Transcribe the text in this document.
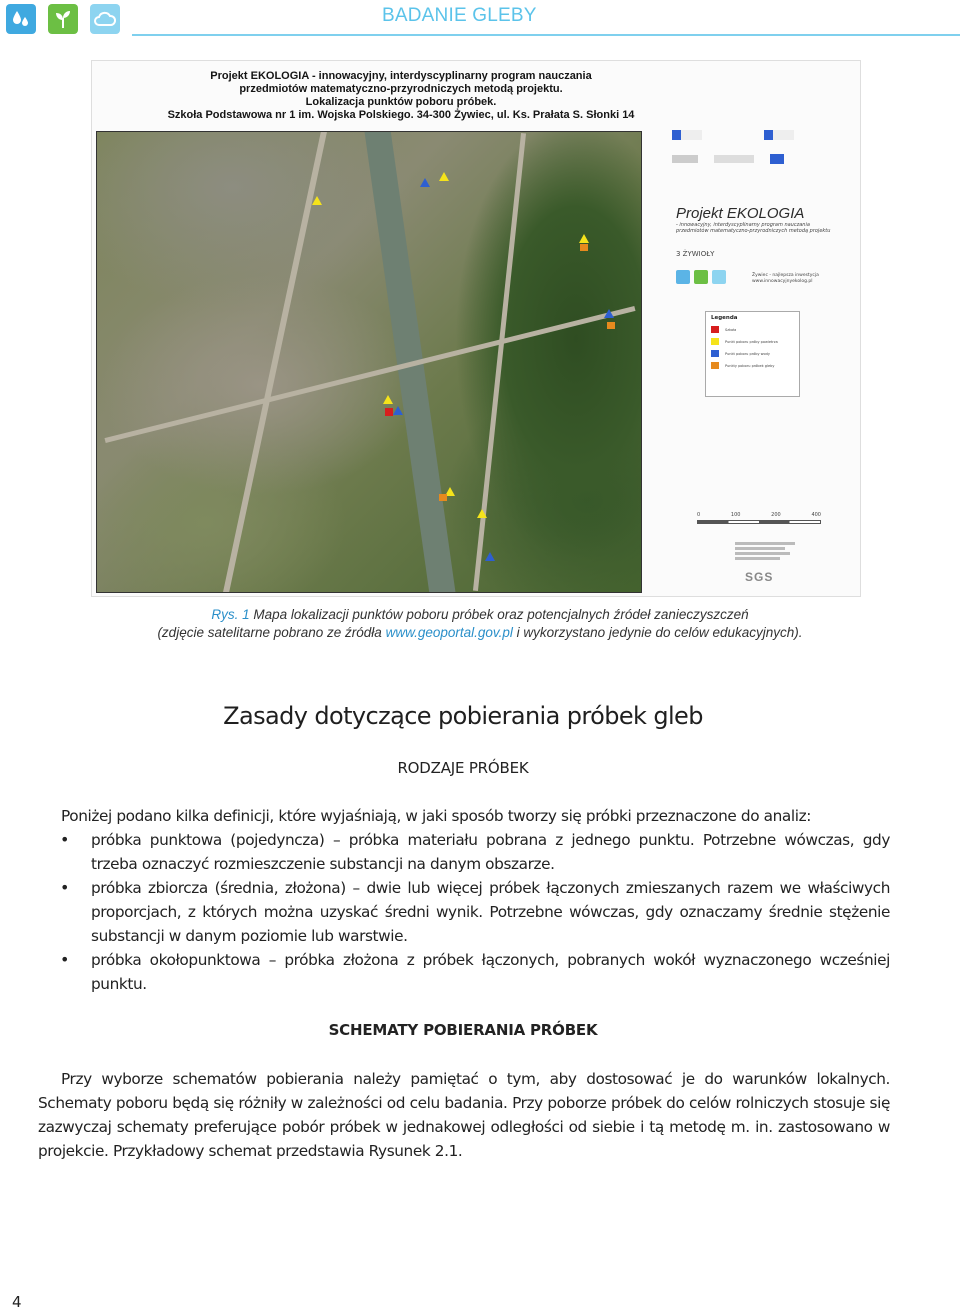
BADANIE GLEBY
Projekt EKOLOGIA - innowacyjny, interdyscyplinarny program nauczania
przedmiotów matematyczno-przyrodniczych metodą projektu.
Lokalizacja punktów poboru próbek.
Szkoła Podstawowa nr 1 im. Wojska Polskiego. 34-300 Żywiec, ul. Ks. Prałata S. Słonki 14
Projekt EKOLOGIA
- innowacyjny, interdyscyplinarny program nauczania przedmiotów matematyczno-przyrodniczych metodą projektu
3 ŻYWIOŁY
Żywiec - najlepsza inwestycja www.innowacyjnyekolog.pl
Legenda
Szkoła
Punkt poboru próby powietrza
Punkt poboru próby wody
Punkty poboru próbek gleby
0	100	200	400
SGS
Rys. 1 Mapa lokalizacji punktów poboru próbek oraz potencjalnych źródeł zanieczyszczeń
(zdjęcie satelitarne pobrano ze źródła www.geoportal.gov.pl i wykorzystano jedynie do celów edukacyjnych).
Zasady dotyczące pobierania próbek gleb
RODZAJE PRÓBEK
Poniżej podano kilka definicji, które wyjaśniają, w jaki sposób tworzy się próbki przeznaczone do analiz:
• próbka punktowa (pojedyncza) – próbka materiału pobrana z jednego punktu. Potrzebne wówczas, gdy trzeba oznaczyć rozmieszczenie substancji na danym obszarze.
• próbka zbiorcza (średnia, złożona) – dwie lub więcej próbek łączonych zmieszanych razem we właściwych proporcjach, z których można uzyskać średni wynik. Potrzebne wówczas, gdy oznaczamy średnie stężenie substancji w danym poziomie lub warstwie.
• próbka okołopunktowa – próbka złożona z próbek łączonych, pobranych wokół wyznaczonego wcześniej punktu.
SCHEMATY POBIERANIA PRÓBEK
Przy wyborze schematów pobierania należy pamiętać o tym, aby dostosować je do warunków lokalnych. Schematy poboru będą się różniły w zależności od celu badania. Przy poborze próbek do celów rolniczych stosuje się zazwyczaj schematy preferujące pobór próbek w jednakowej odległości od siebie i tą metodę m. in. zastosowano w projekcie. Przykładowy schemat przedstawia Rysunek 2.1.
4
